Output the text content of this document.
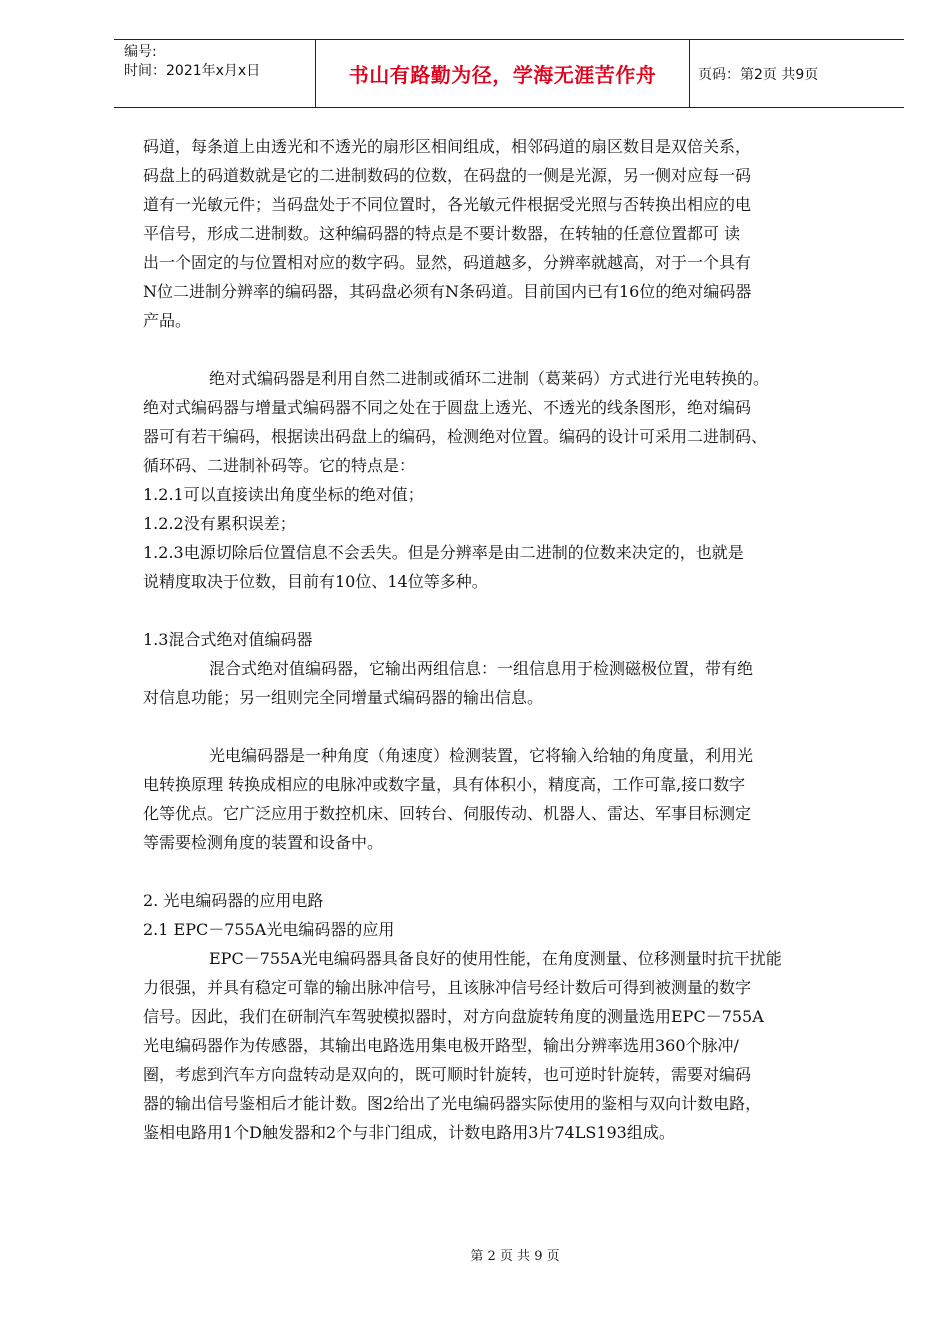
编号:
时间：2021年x月x日	书山有路勤为径，学海无涯苦作舟	页码：第2页 共9页
码道，每条道上由透光和不透光的扇形区相间组成，相邻码道的扇区数目是双倍关系，
码盘上的码道数就是它的二进制数码的位数，在码盘的一侧是光源，另一侧对应每一码
道有一光敏元件；当码盘处于不同位置时，各光敏元件根据受光照与否转换出相应的电
平信号，形成二进制数。这种编码器的特点是不要计数器，在转轴的任意位置都可 读
出一个固定的与位置相对应的数字码。显然，码道越多，分辨率就越高，对于一个具有
N位二进制分辨率的编码器，其码盘必须有N条码道。目前国内已有16位的绝对编码器
产品。
绝对式编码器是利用自然二进制或循环二进制（葛莱码）方式进行光电转换的。
绝对式编码器与增量式编码器不同之处在于圆盘上透光、不透光的线条图形，绝对编码
器可有若干编码，根据读出码盘上的编码，检测绝对位置。编码的设计可采用二进制码、
循环码、二进制补码等。它的特点是：
1.2.1可以直接读出角度坐标的绝对值；
1.2.2没有累积误差；
1.2.3电源切除后位置信息不会丢失。但是分辨率是由二进制的位数来决定的，也就是
说精度取决于位数，目前有10位、14位等多种。
1.3混合式绝对值编码器
混合式绝对值编码器，它输出两组信息：一组信息用于检测磁极位置，带有绝
对信息功能；另一组则完全同增量式编码器的输出信息。
光电编码器是一种角度（角速度）检测装置，它将输入给轴的角度量，利用光
电转换原理 转换成相应的电脉冲或数字量，具有体积小，精度高，工作可靠,接口数字
化等优点。它广泛应用于数控机床、回转台、伺服传动、机器人、雷达、军事目标测定
等需要检测角度的装置和设备中。
2. 光电编码器的应用电路
2.1 EPC－755A光电编码器的应用
EPC－755A光电编码器具备良好的使用性能，在角度测量、位移测量时抗干扰能
力很强，并具有稳定可靠的输出脉冲信号，且该脉冲信号经计数后可得到被测量的数字
信号。因此，我们在研制汽车驾驶模拟器时，对方向盘旋转角度的测量选用EPC－755A
光电编码器作为传感器，其输出电路选用集电极开路型，输出分辨率选用360个脉冲/
圈，考虑到汽车方向盘转动是双向的，既可顺时针旋转，也可逆时针旋转，需要对编码
器的输出信号鉴相后才能计数。图2给出了光电编码器实际使用的鉴相与双向计数电路，
鉴相电路用1个D触发器和2个与非门组成，计数电路用3片74LS193组成。
第 2 页 共 9 页
